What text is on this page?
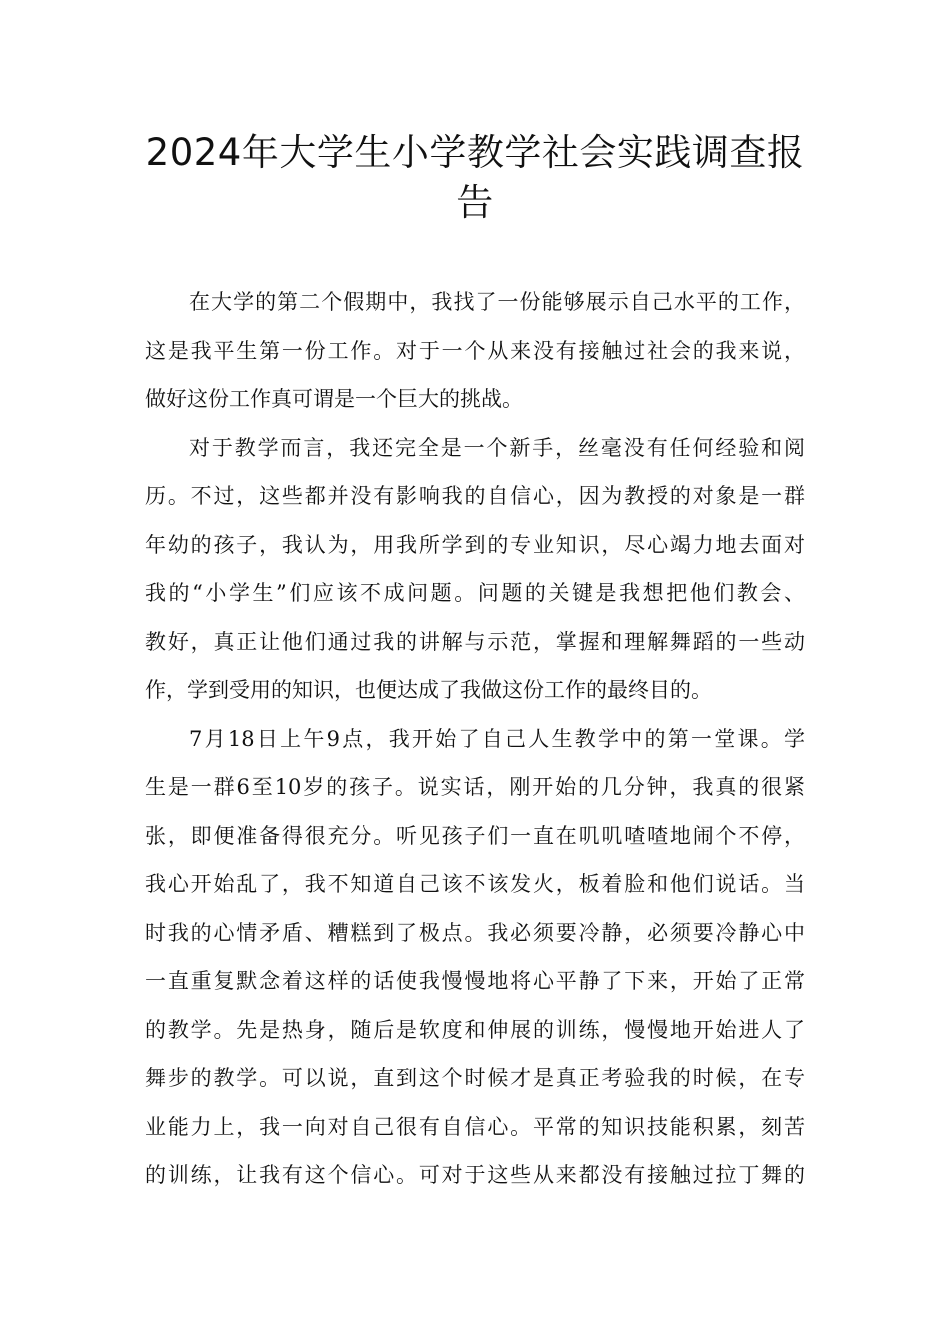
2024年大学生小学教学社会实践调查报
告
在大学的第二个假期中，我找了一份能够展示自己水平的工作，
这是我平生第一份工作。对于一个从来没有接触过社会的我来说，
做好这份工作真可谓是一个巨大的挑战。
对于教学而言，我还完全是一个新手，丝毫没有任何经验和阅
历。不过，这些都并没有影响我的自信心，因为教授的对象是一群
年幼的孩子，我认为，用我所学到的专业知识，尽心竭力地去面对
我的“小学生”们应该不成问题。问题的关键是我想把他们教会、
教好，真正让他们通过我的讲解与示范，掌握和理解舞蹈的一些动
作，学到受用的知识，也便达成了我做这份工作的最终目的。
7月18日上午9点，我开始了自己人生教学中的第一堂课。学
生是一群6至10岁的孩子。说实话，刚开始的几分钟，我真的很紧
张，即便准备得很充分。听见孩子们一直在叽叽喳喳地闹个不停，
我心开始乱了，我不知道自己该不该发火，板着脸和他们说话。当
时我的心情矛盾、糟糕到了极点。我必须要冷静，必须要冷静心中
一直重复默念着这样的话使我慢慢地将心平静了下来，开始了正常
的教学。先是热身，随后是软度和伸展的训练，慢慢地开始进人了
舞步的教学。可以说，直到这个时候才是真正考验我的时候，在专
业能力上，我一向对自己很有自信心。平常的知识技能积累，刻苦
的训练，让我有这个信心。可对于这些从来都没有接触过拉丁舞的
